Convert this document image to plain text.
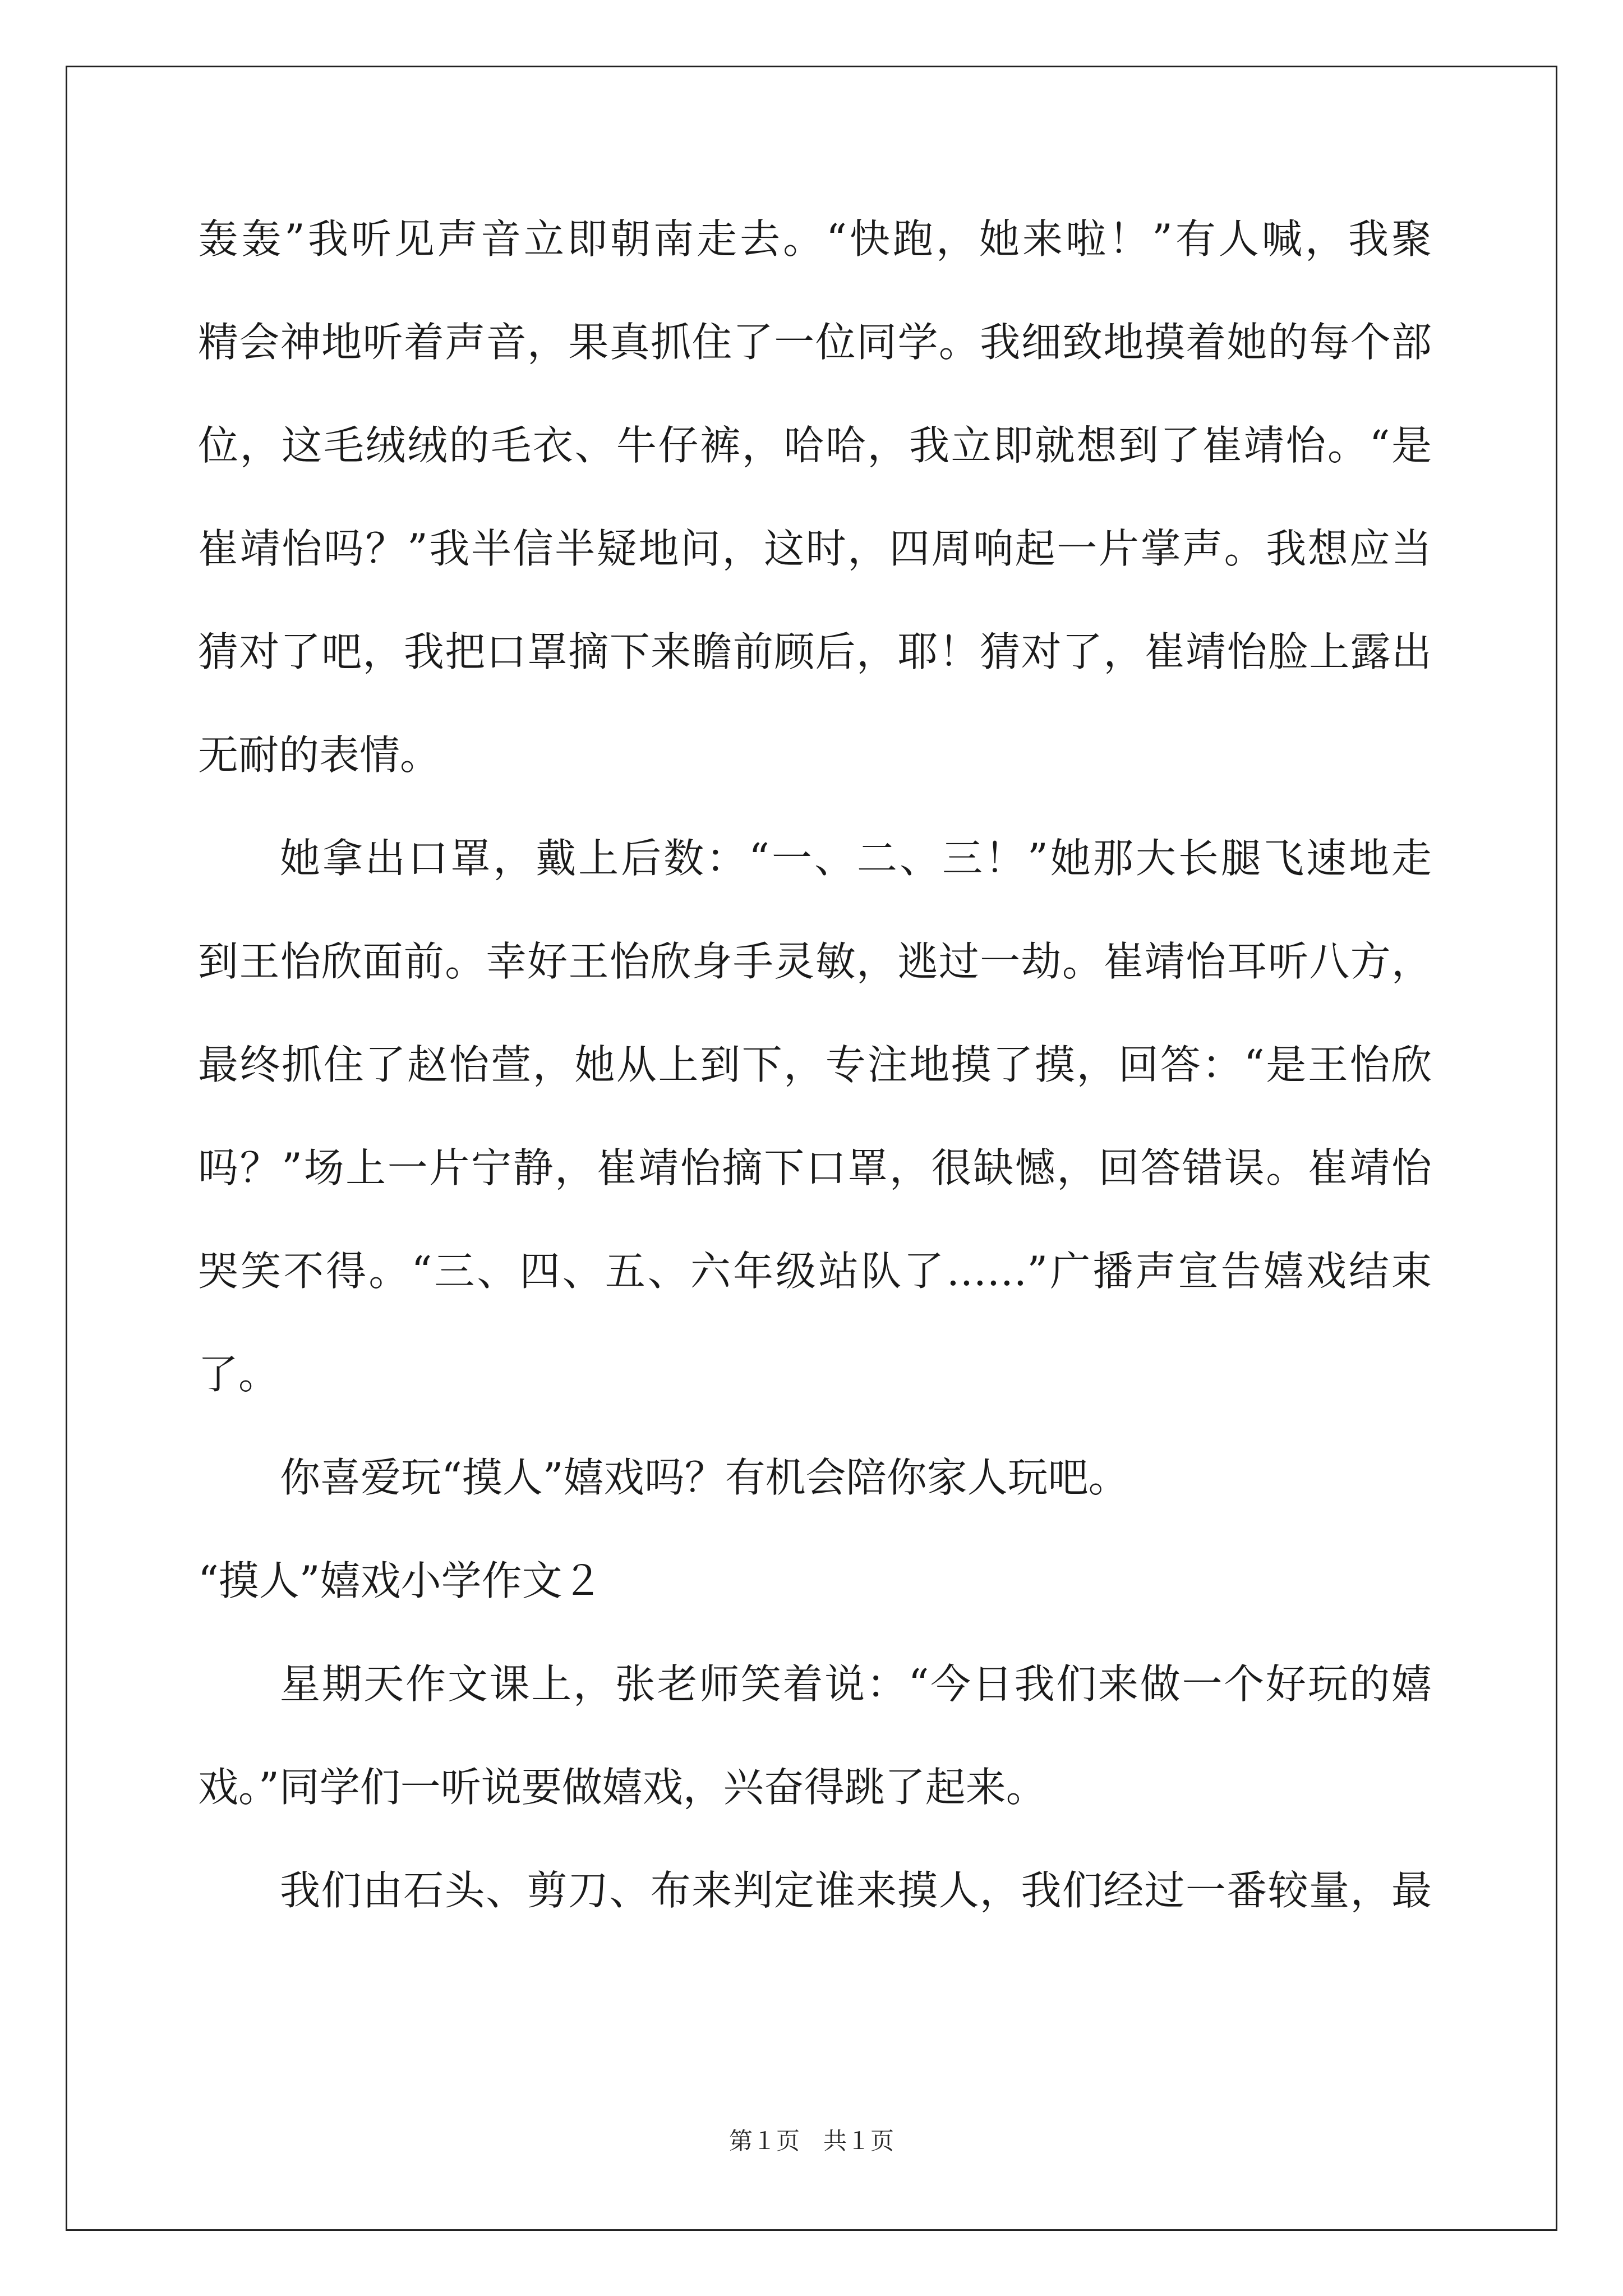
轰轰”我听见声音立即朝南走去。“快跑，她来啦！”有人喊，我聚
精会神地听着声音，果真抓住了一位同学。我细致地摸着她的每个部
位，这毛绒绒的毛衣、牛仔裤，哈哈，我立即就想到了崔靖怡。“是
崔靖怡吗？”我半信半疑地问，这时，四周响起一片掌声。我想应当
猜对了吧，我把口罩摘下来瞻前顾后，耶！猜对了，崔靖怡脸上露出
无耐的表情。
她拿出口罩，戴上后数：“一、二、三！”她那大长腿飞速地走
到王怡欣面前。幸好王怡欣身手灵敏，逃过一劫。崔靖怡耳听八方，
最终抓住了赵怡萱，她从上到下，专注地摸了摸，回答：“是王怡欣
吗？”场上一片宁静，崔靖怡摘下口罩，很缺憾，回答错误。崔靖怡
哭笑不得。“三、四、五、六年级站队了……”广播声宣告嬉戏结束
了。
你喜爱玩“摸人”嬉戏吗？有机会陪你家人玩吧。
“摸人”嬉戏小学作文２
星期天作文课上，张老师笑着说：“今日我们来做一个好玩的嬉
戏。”同学们一听说要做嬉戏，兴奋得跳了起来。
我们由石头、剪刀、布来判定谁来摸人，我们经过一番较量，最
第１页　共１页
